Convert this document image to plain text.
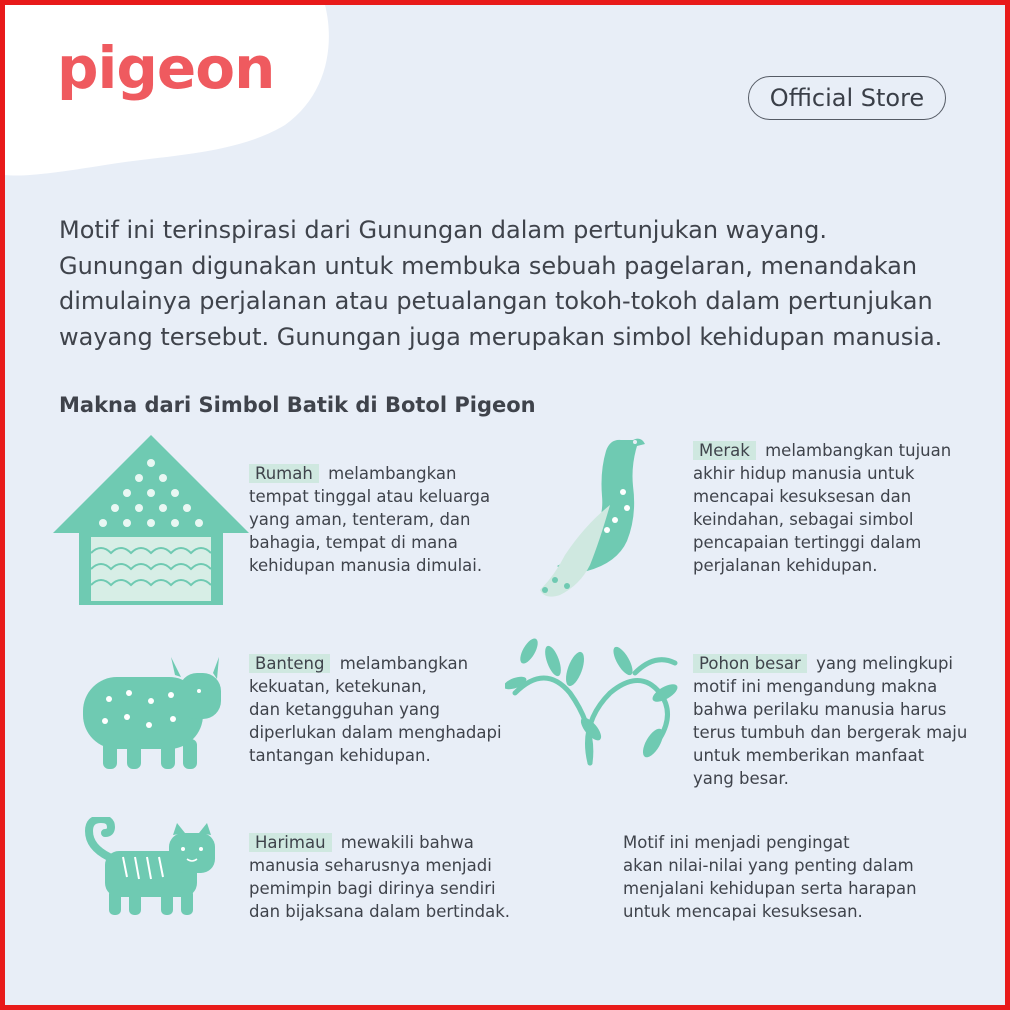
pigeon	Official Store
Motif ini terinspirasi dari Gunungan dalam pertunjukan wayang.
Gunungan digunakan untuk membuka sebuah pagelaran, menandakan
dimulainya perjalanan atau petualangan tokoh-tokoh dalam pertunjukan
wayang tersebut. Gunungan juga merupakan simbol kehidupan manusia.
Makna dari Simbol Batik di Botol Pigeon
Rumah melambangkan
tempat tinggal atau keluarga
yang aman, tenteram, dan
bahagia, tempat di mana
kehidupan manusia dimulai.
Merak melambangkan tujuan
akhir hidup manusia untuk
mencapai kesuksesan dan
keindahan, sebagai simbol
pencapaian tertinggi dalam
perjalanan kehidupan.
Banteng melambangkan
kekuatan, ketekunan,
dan ketangguhan yang
diperlukan dalam menghadapi
tantangan kehidupan.
Pohon besar yang melingkupi
motif ini mengandung makna
bahwa perilaku manusia harus
terus tumbuh dan bergerak maju
untuk memberikan manfaat
yang besar.
Harimau mewakili bahwa
manusia seharusnya menjadi
pemimpin bagi dirinya sendiri
dan bijaksana dalam bertindak.
Motif ini menjadi pengingat
akan nilai-nilai yang penting dalam
menjalani kehidupan serta harapan
untuk mencapai kesuksesan.
